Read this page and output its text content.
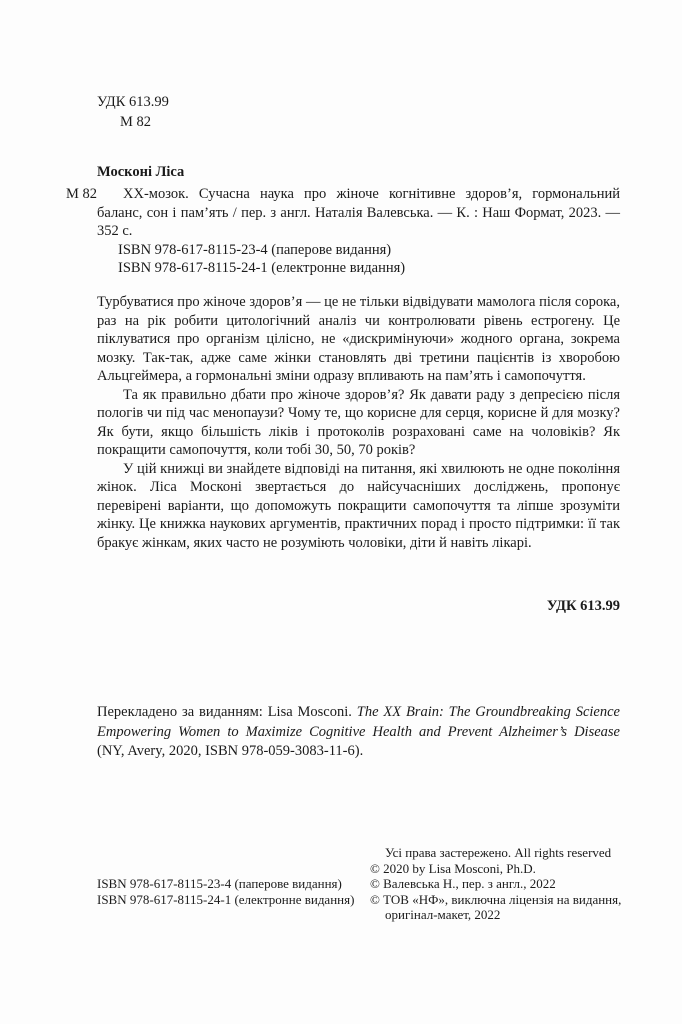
УДК 613.99
М 82
Москоні Ліса
М 82	ХХ-мозок. Сучасна наука про жіноче когнітивне здоров’я, гормональний баланс, сон і пам’ять / пер. з англ. Наталія Валевська. — К. : Наш Формат, 2023. — 352 с.
ISBN 978-617-8115-23-4 (паперове видання)
ISBN 978-617-8115-24-1 (електронне видання)

Турбуватися про жіноче здоров’я — це не тільки відвідувати мамолога після сорока, раз на рік робити цитологічний аналіз чи контролювати рівень естрогену. Це піклуватися про організм цілісно, не «дискримінуючи» жодного органа, зокрема мозку. Так-так, адже саме жінки становлять дві третини пацієнтів із хворобою Альцгеймера, а гормональні зміни одразу впливають на пам’ять і самопочуття.

Та як правильно дбати про жіноче здоров’я? Як давати раду з депресією після пологів чи під час менопаузи? Чому те, що корисне для серця, корисне й для мозку? Як бути, якщо більшість ліків і протоколів розраховані саме на чоловіків? Як покращити самопочуття, коли тобі 30, 50, 70 років?

У цій книжці ви знайдете відповіді на питання, які хвилюють не одне покоління жінок. Ліса Москоні звертається до найсучасніших досліджень, пропонує перевірені варіанти, що допоможуть покращити самопочуття та ліпше зрозуміти жінку. Це книжка наукових аргументів, практичних порад і просто підтримки: її так бракує жінкам, яких часто не розуміють чоловіки, діти й навіть лікарі.

УДК 613.99
Перекладено за виданням: Lisa Mosconi. The XX Brain: The Groundbreaking Science Empowering Women to Maximize Cognitive Health and Prevent Alzheimer’s Disease (NY, Avery, 2020, ISBN 978-059-3083-11-6).
ISBN 978-617-8115-23-4 (паперове видання)
ISBN 978-617-8115-24-1 (електронне видання)
Усі права застережено. All rights reserved
© 2020 by Lisa Mosconi, Ph.D.
© Валевська Н., пер. з англ., 2022
© ТОВ «НФ», виключна ліцензія на видання,
оригінал-макет, 2022
